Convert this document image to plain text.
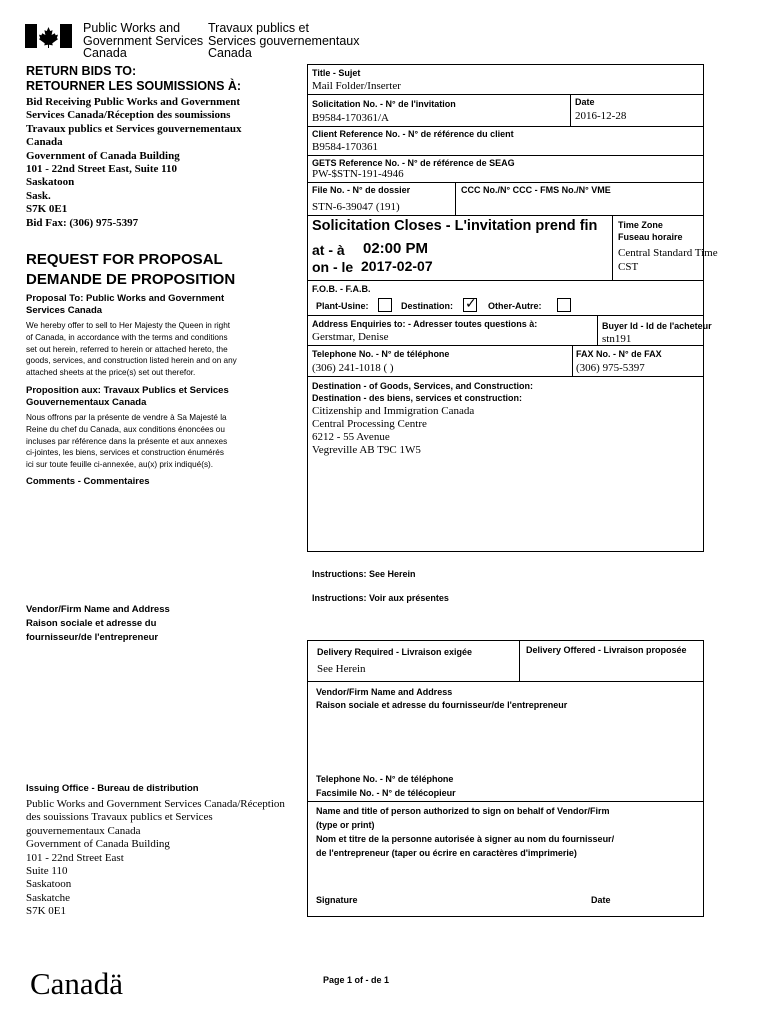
Public Works and
Government Services
Canada
Travaux publics et
Services gouvernementaux
Canada
RETURN BIDS TO:
RETOURNER LES SOUMISSIONS À:
Bid Receiving Public Works and Government
Services Canada/Réception des soumissions
Travaux publics et Services gouvernementaux
Canada
Government of Canada Building
101 - 22nd Street East, Suite 110
Saskatoon
Sask.
S7K 0E1
Bid Fax: (306) 975-5397
REQUEST FOR PROPOSAL
DEMANDE DE PROPOSITION
Proposal To: Public Works and Government
Services Canada
We hereby offer to sell to Her Majesty the Queen in right
of Canada, in accordance with the terms and conditions
set out herein, referred to herein or attached hereto, the
goods, services, and construction listed herein and on any
attached sheets at the price(s) set out therefor.
Proposition aux: Travaux Publics et Services
Gouvernementaux Canada
Nous offrons par la présente de vendre à Sa Majesté la
Reine du chef du Canada, aux conditions énoncées ou
incluses par référence dans la présente et aux annexes
ci-jointes, les biens, services et construction énumérés
ici sur toute feuille ci-annexée, au(x) prix indiqué(s).
Comments - Commentaires
Vendor/Firm Name and Address
Raison sociale et adresse du
fournisseur/de l'entrepreneur
Issuing Office - Bureau de distribution
Public Works and Government Services Canada/Réception
des souissions Travaux publics et Services
gouvernementaux Canada
Government of Canada Building
101 - 22nd Street East
Suite 110
Saskatoon
Saskatche
S7K 0E1
Canadä
Title - Sujet
Mail Folder/Inserter
Solicitation No. - N° de l'invitation
B9584-170361/A
Date
2016-12-28
Client Reference No. - N° de référence du client
B9584-170361
GETS Reference No. - N° de référence de SEAG
PW-$STN-191-4946
File No. - N° de dossier
STN-6-39047 (191)
CCC No./N° CCC - FMS No./N° VME
Solicitation Closes - L'invitation prend fin
at - à 02:00 PM
on - le 2017-02-07
Time Zone
Fuseau horaire
Central Standard Time
CST
F.O.B. - F.A.B.
Plant-Usine:	Destination: ✓ Other-Autre:
Address Enquiries to: - Adresser toutes questions à:
Gerstmar, Denise
Buyer Id - Id de l'acheteur
stn191
Telephone No. - N° de téléphone
(306) 241-1018 ( )
FAX No. - N° de FAX
(306) 975-5397
Destination - of Goods, Services, and Construction:
Destination - des biens, services et construction:
Citizenship and Immigration Canada
Central Processing Centre
6212 - 55 Avenue
Vegreville AB T9C 1W5
Instructions: See Herein
Instructions: Voir aux présentes
Delivery Required - Livraison exigée
See Herein
Delivery Offered - Livraison proposée
Vendor/Firm Name and Address
Raison sociale et adresse du fournisseur/de l'entrepreneur
Telephone No. - N° de téléphone
Facsimile No. - N° de télécopieur
Name and title of person authorized to sign on behalf of Vendor/Firm
(type or print)
Nom et titre de la personne autorisée à signer au nom du fournisseur/
de l'entrepreneur (taper ou écrire en caractères d'imprimerie)
Signature	Date
Page 1 of - de 1
